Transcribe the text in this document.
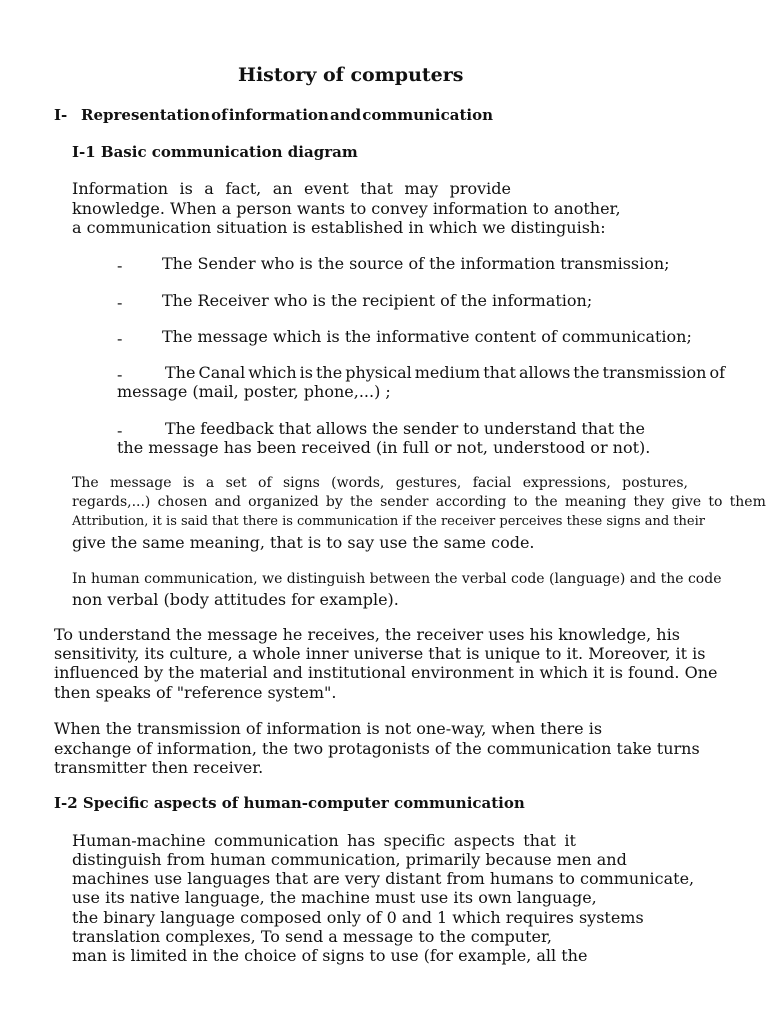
History of computers
I- Representation of information and communication
I-1 Basic communication diagram
Information is a fact, an event that may provide
knowledge. When a person wants to convey information to another,
a communication situation is established in which we distinguish:
- The Sender who is the source of the information transmission;
- The Receiver who is the recipient of the information;
- The message which is the informative content of communication;
-	The Canal which is the physical medium that allows the transmission of
message (mail, poster, phone,...) ;
-	The feedback that allows the sender to understand that the
the message has been received (in full or not, understood or not).
The message is a set of signs (words, gestures, facial expressions, postures,
regards,...) chosen and organized by the sender according to the meaning they give to them
Attribution, it is said that there is communication if the receiver perceives these signs and their
give the same meaning, that is to say use the same code.
In human communication, we distinguish between the verbal code (language) and the code
non verbal (body attitudes for example).
To understand the message he receives, the receiver uses his knowledge, his
sensitivity, its culture, a whole inner universe that is unique to it. Moreover, it is
influenced by the material and institutional environment in which it is found. One
then speaks of "reference system".
When the transmission of information is not one-way, when there is
exchange of information, the two protagonists of the communication take turns
transmitter then receiver.
I-2 Specific aspects of human-computer communication
Human-machine communication has specific aspects that it
distinguish from human communication, primarily because men and
machines use languages that are very distant from humans to communicate,
use its native language, the machine must use its own language,
the binary language composed only of 0 and 1 which requires systems
translation complexes, To send a message to the computer,
man is limited in the choice of signs to use (for example, all the
